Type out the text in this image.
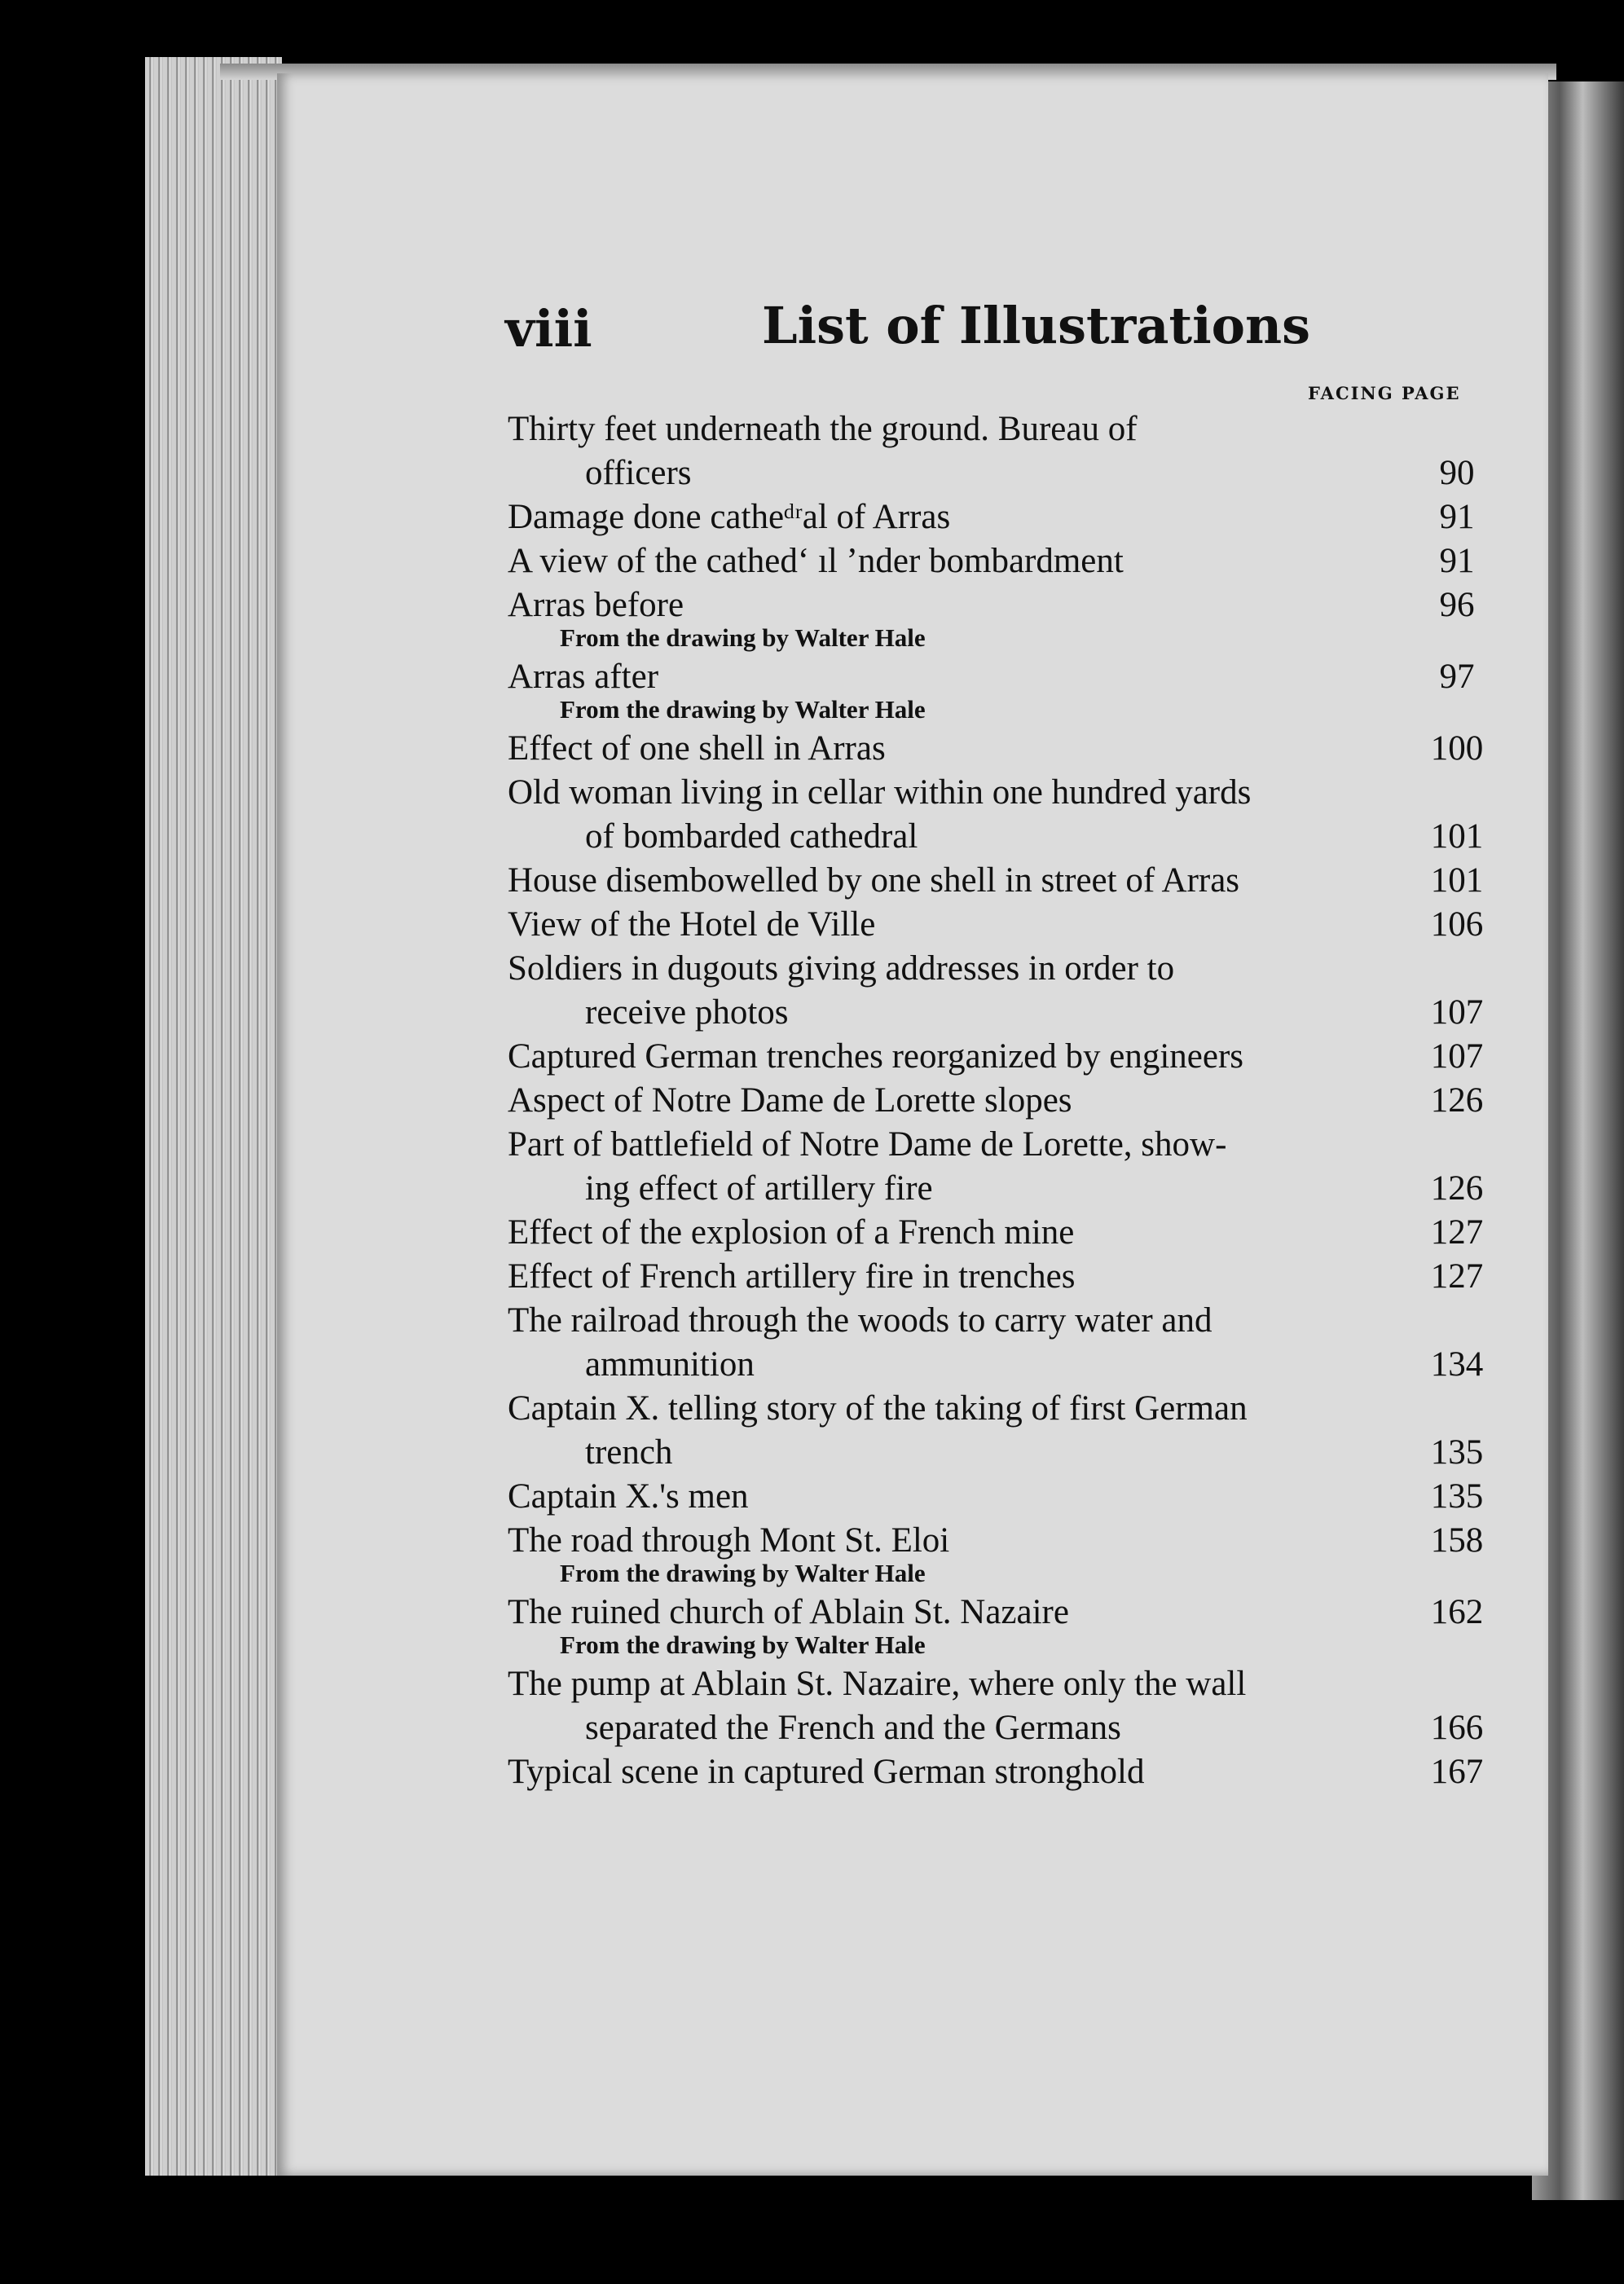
viii	List of Illustrations
FACING PAGE
Thirty feet underneath the ground. Bureau of
officers	90
Damage done catheᵈʳal of Arras	91
A view of the cathedʻ ıl ʼnder bombardment	91
Arras before	96
From the drawing by Walter Hale
Arras after	97
From the drawing by Walter Hale
Effect of one shell in Arras	100
Old woman living in cellar within one hundred yards
of bombarded cathedral	101
House disembowelled by one shell in street of Arras	101
View of the Hotel de Ville	106
Soldiers in dugouts giving addresses in order to
receive photos	107
Captured German trenches reorganized by engineers	107
Aspect of Notre Dame de Lorette slopes	126
Part of battlefield of Notre Dame de Lorette, show-
ing effect of artillery fire	126
Effect of the explosion of a French mine	127
Effect of French artillery fire in trenches	127
The railroad through the woods to carry water and
ammunition	134
Captain X. telling story of the taking of first German
trench	135
Captain X.'s men	135
The road through Mont St. Eloi	158
From the drawing by Walter Hale
The ruined church of Ablain St. Nazaire	162
From the drawing by Walter Hale
The pump at Ablain St. Nazaire, where only the wall
separated the French and the Germans	166
Typical scene in captured German stronghold	167
